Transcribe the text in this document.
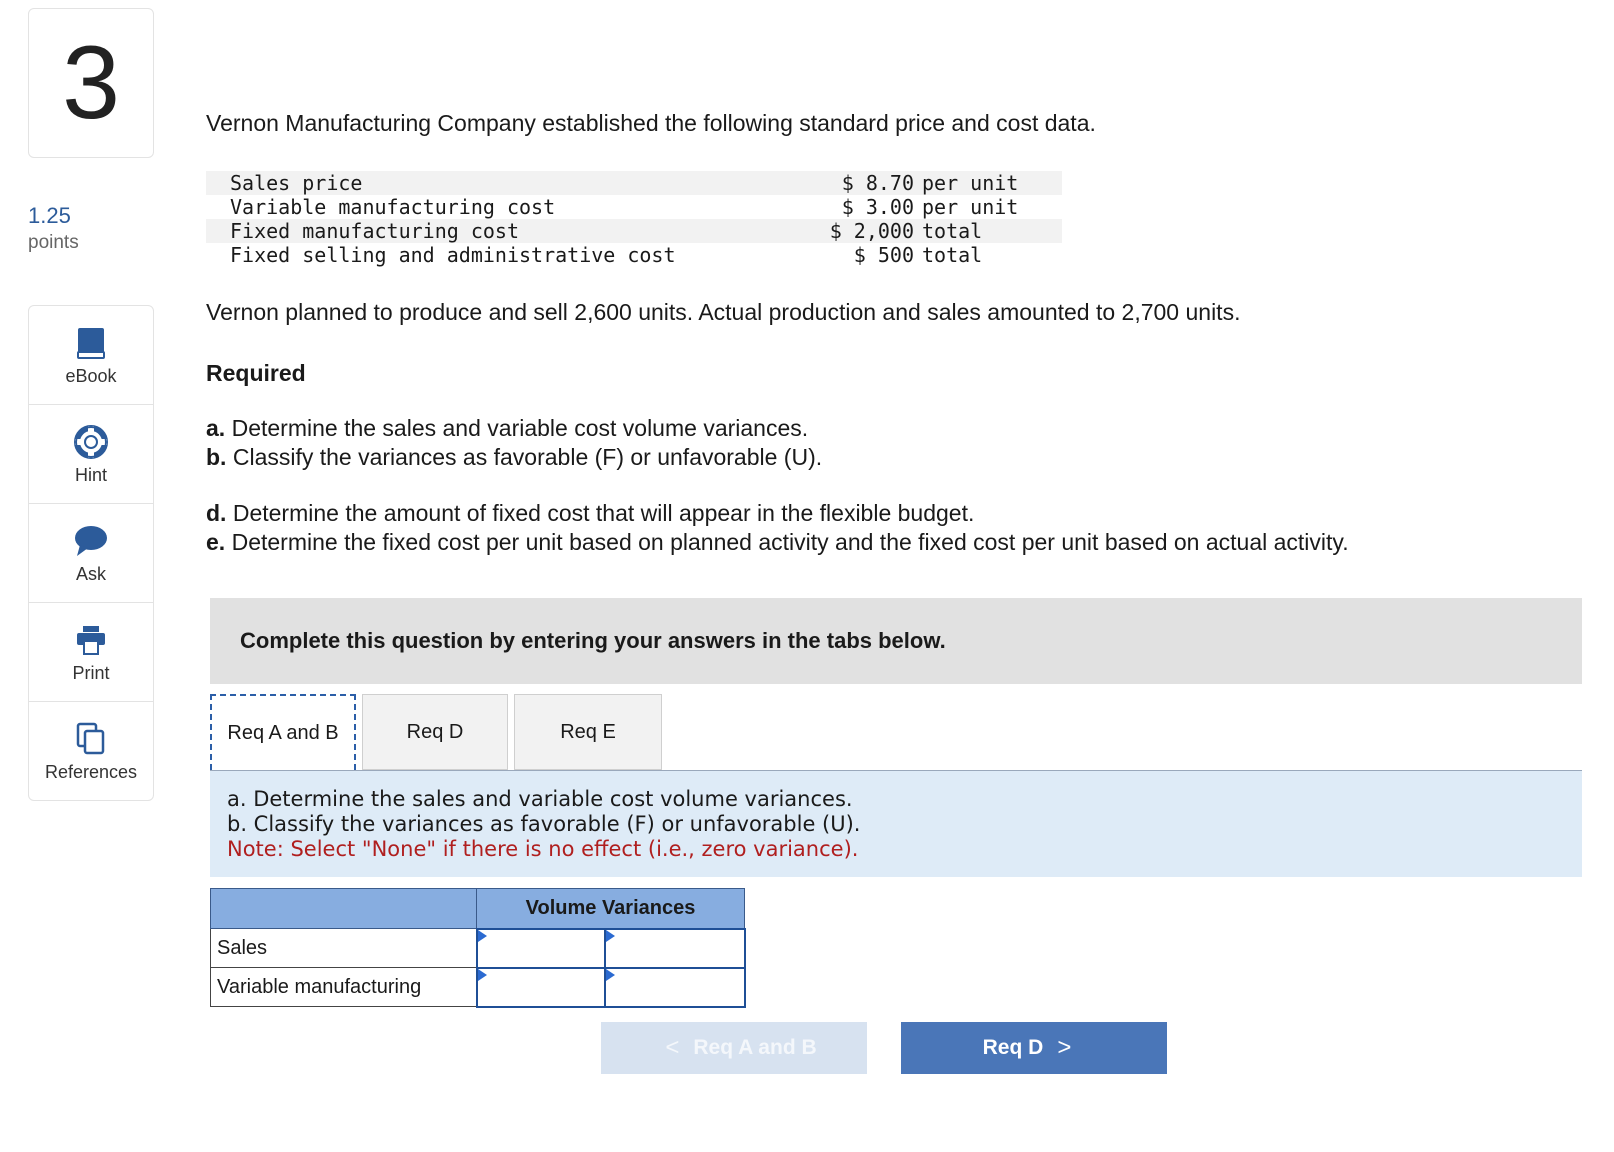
3
1.25
points
eBook
Hint
Ask
Print
References

Vernon Manufacturing Company established the following standard price and cost data.

Sales price	$ 8.70	per unit
Variable manufacturing cost	$ 3.00	per unit
Fixed manufacturing cost	$ 2,000	total
Fixed selling and administrative cost	$ 500	total

Vernon planned to produce and sell 2,600 units. Actual production and sales amounted to 2,700 units.

Required

a. Determine the sales and variable cost volume variances.
b. Classify the variances as favorable (F) or unfavorable (U).
d. Determine the amount of fixed cost that will appear in the flexible budget.
e. Determine the fixed cost per unit based on planned activity and the fixed cost per unit based on actual activity.
Complete this question by entering your answers in the tabs below.
Req A and B	Req D	Req E
a. Determine the sales and variable cost volume variances.
b. Classify the variances as favorable (F) or unfavorable (U).
Note: Select "None" if there is no effect (i.e., zero variance).
	Volume Variances	
Sales	

Variable manufacturing	

< Req A and B	Req D >
